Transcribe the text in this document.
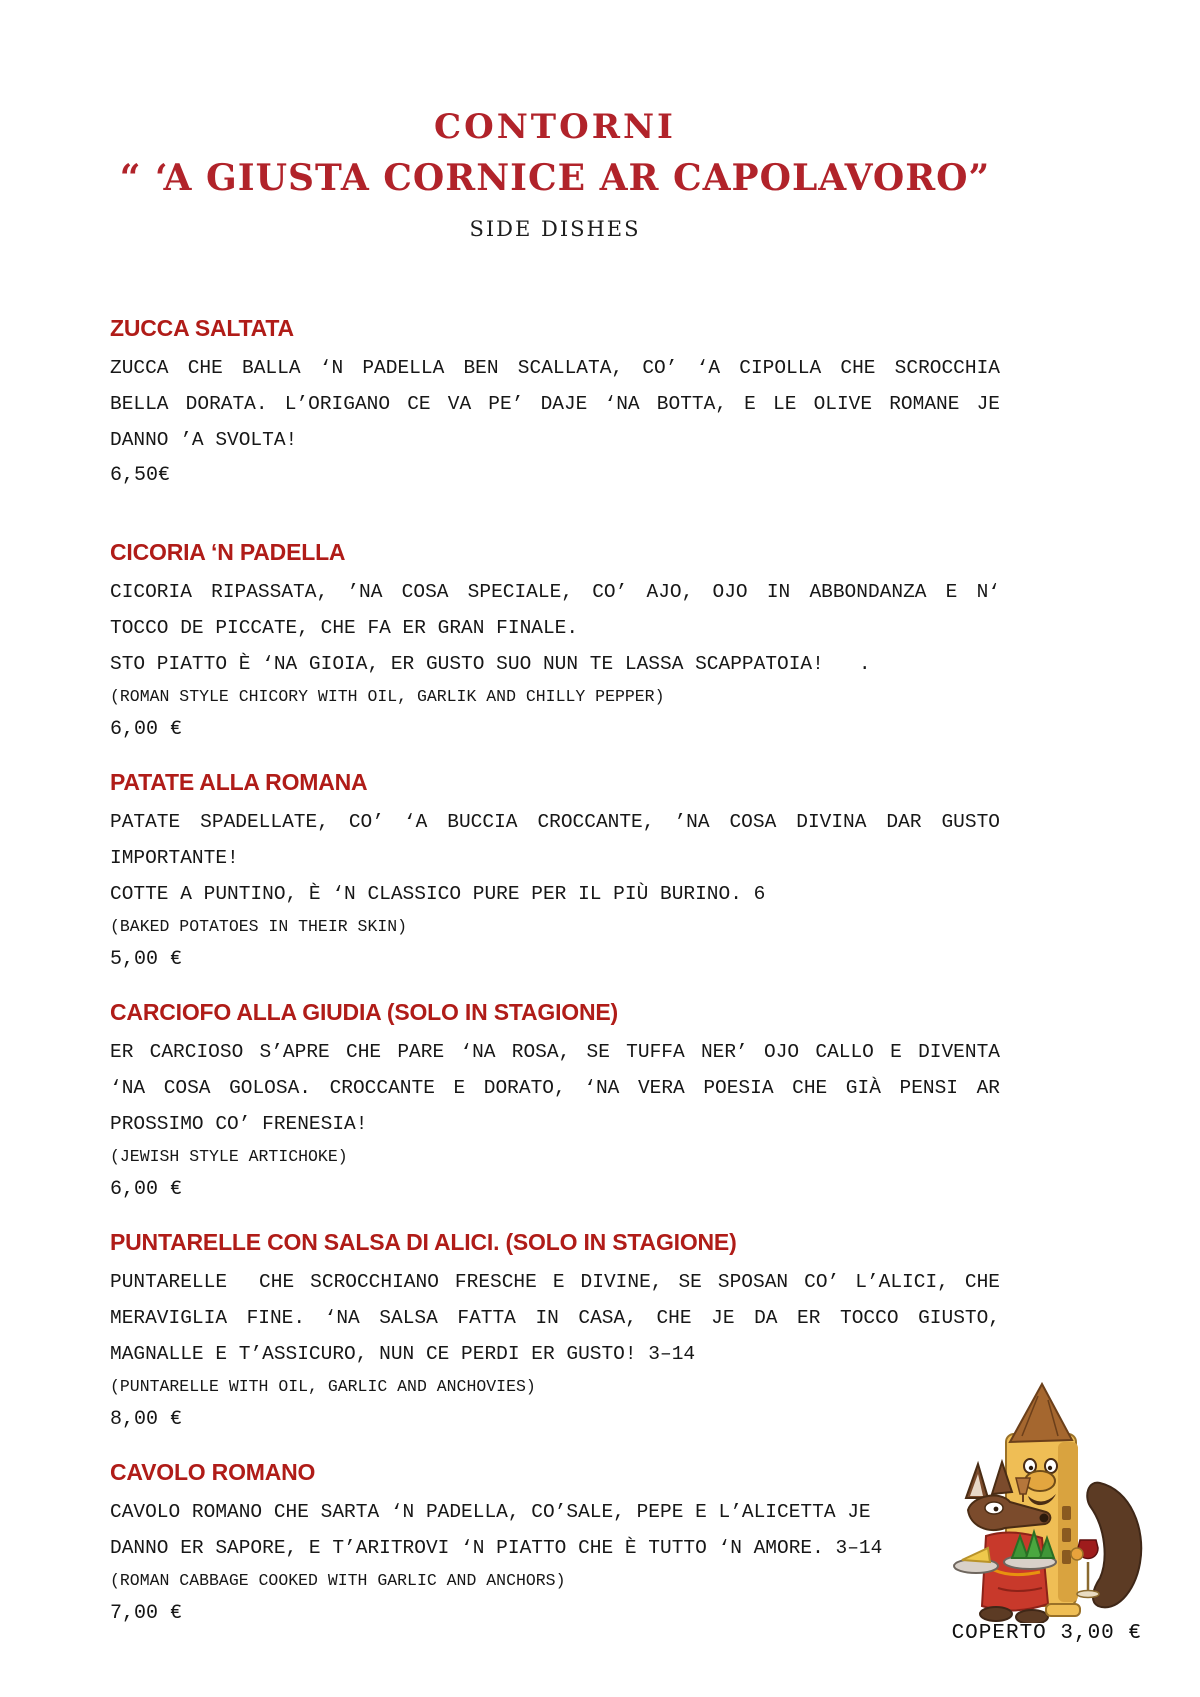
CONTORNI
“ ‘A GIUSTA CORNICE AR CAPOLAVORO”
SIDE DISHES
ZUCCA SALTATA
ZUCCA CHE BALLA ‘N PADELLA BEN SCALLATA, CO’ ‘A CIPOLLA CHE SCROCCHIA
BELLA DORATA. L’ORIGANO CE VA PE’ DAJE ‘NA BOTTA, E LE OLIVE ROMANE JE
DANNO ’A SVOLTA!
6,50€
CICORIA ‘N PADELLA
CICORIA RIPASSATA, ’NA COSA SPECIALE, CO’ AJO, OJO IN ABBONDANZA E N‘
TOCCO DE PICCATE, CHE FA ER GRAN FINALE.
STO PIATTO È ‘NA GIOIA, ER GUSTO SUO NUN TE LASSA SCAPPATOIA!   .
(ROMAN STYLE CHICORY WITH OIL, GARLIK AND CHILLY PEPPER)
6,00 €
PATATE ALLA ROMANA
PATATE SPADELLATE, CO’ ‘A BUCCIA CROCCANTE, ’NA COSA DIVINA DAR GUSTO
IMPORTANTE!
COTTE A PUNTINO, È ‘N CLASSICO PURE PER IL PIÙ BURINO. 6
(BAKED POTATOES IN THEIR SKIN)
5,00 €
CARCIOFO ALLA GIUDIA (SOLO IN STAGIONE)
ER CARCIOSO S’APRE CHE PARE ‘NA ROSA, SE TUFFA NER’ OJO CALLO E DIVENTA
‘NA COSA GOLOSA. CROCCANTE E DORATO, ‘NA VERA POESIA CHE GIÀ PENSI AR
PROSSIMO CO’ FRENESIA!
(JEWISH STYLE ARTICHOKE)
6,00 €
PUNTARELLE CON SALSA DI ALICI. (SOLO IN STAGIONE)
PUNTARELLE  CHE SCROCCHIANO FRESCHE E DIVINE, SE SPOSAN CO’ L’ALICI, CHE
MERAVIGLIA FINE. ‘NA SALSA FATTA IN CASA, CHE JE DA ER TOCCO GIUSTO,
MAGNALLE E T’ASSICURO, NUN CE PERDI ER GUSTO! 3–14
(PUNTARELLE WITH OIL, GARLIC AND ANCHOVIES)
8,00 €
CAVOLO ROMANO
CAVOLO ROMANO CHE SARTA ‘N PADELLA, CO’SALE, PEPE E L’ALICETTA JE
DANNO ER SAPORE, E T’ARITROVI ‘N PIATTO CHE È TUTTO ‘N AMORE. 3–14
(ROMAN CABBAGE COOKED WITH GARLIC AND ANCHORS)
7,00 €
COPERTO 3,00 €
